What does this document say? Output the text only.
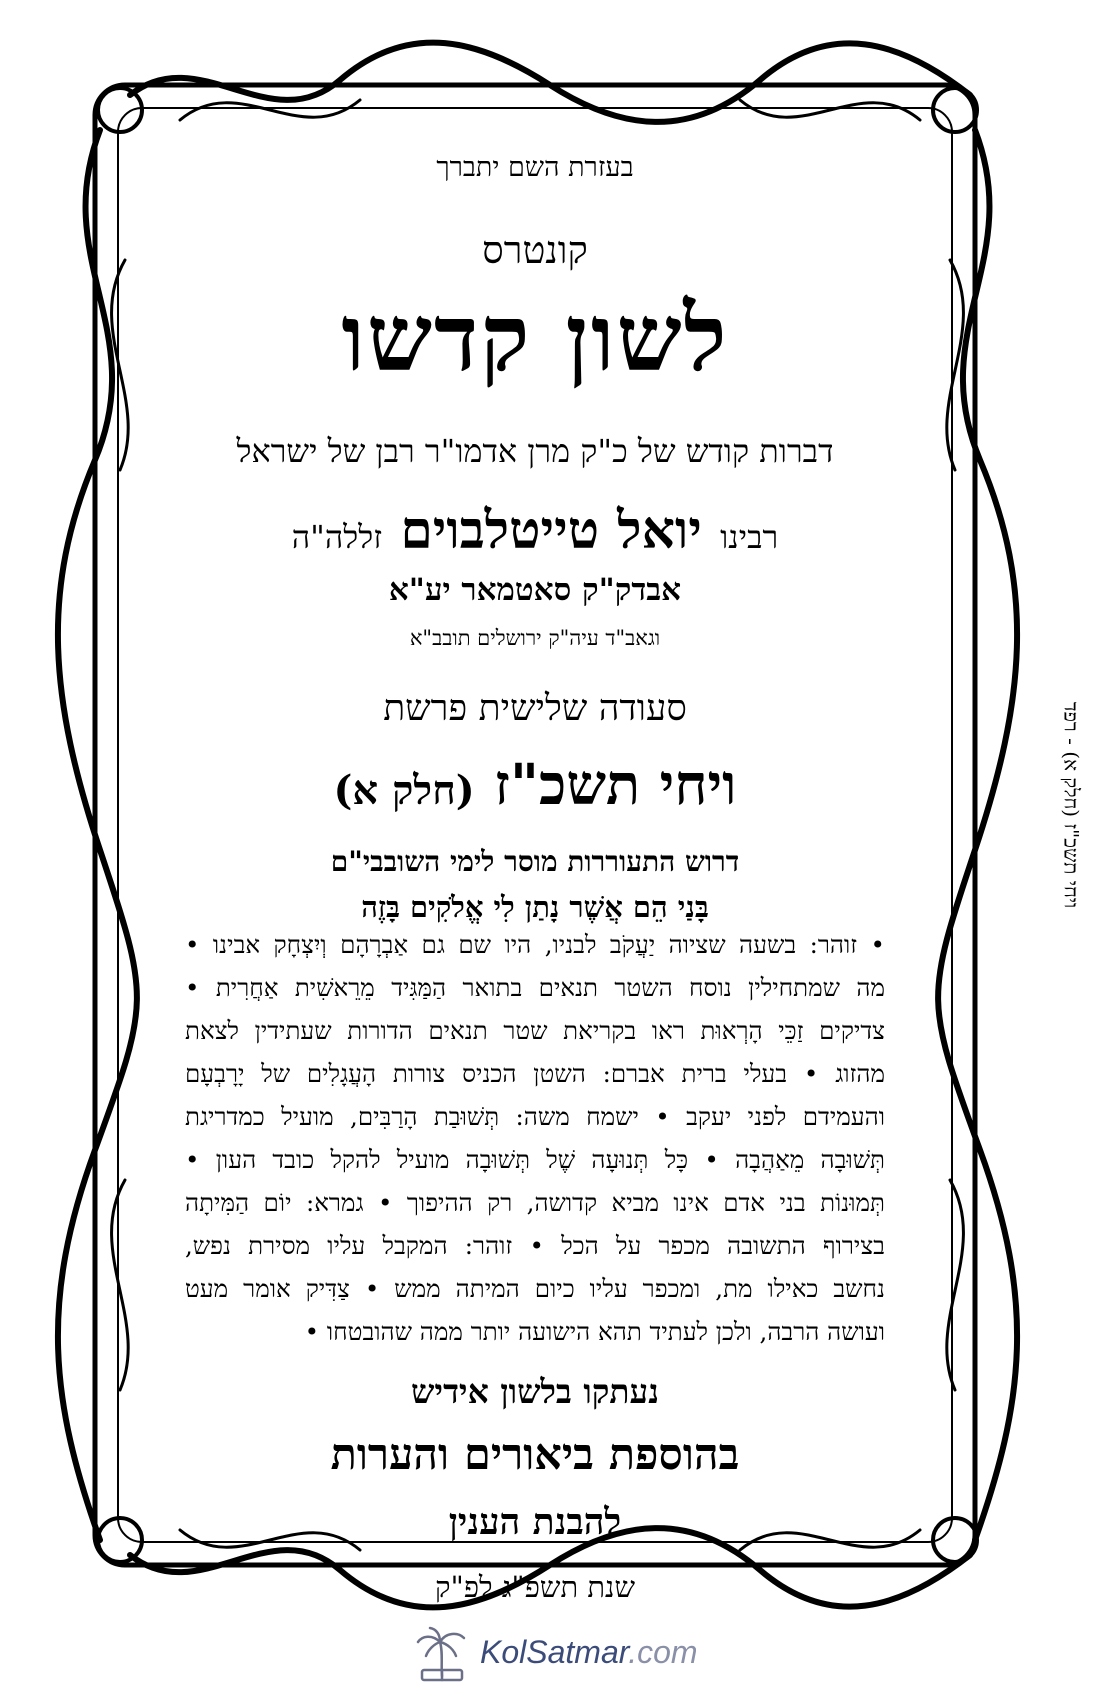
בעזרת השם יתברך
קונטרס
לשון קדשו
דברות קודש של כ"ק מרן אדמו"ר רבן של ישראל
רבינו יואל טייטלבוים זללה"ה
אבדק"ק סאטמאר יע"א
וגאב"ד עיה"ק ירושלים תובב"א
סעודה שלישית פרשת
ויחי תשכ"ז (חלק א)
דרוש התעוררות מוסר לימי השובבי"ם
בָּנַי הֵם אֲשֶׁר נָתַן לִי אֱלֹקִים בָּזֶה
• זוהר: בשעה שציוה יַעֲקֹב לבניו, היו שם גם אַבְרָהָם וְיִצְחָק אבינו •
מה שמתחילין נוסח השטר תנאים בתואר הַמַּגִּיד מֵרֵאשִׁית אַחֲרִית •
צדיקים זַכֵּי הָרְאוּת ראו בקריאת שטר תנאים הדורות שעתידין לצאת
מהזוג • בעלי ברית אברם: השטן הכניס צורות הָעֲגָלִים של יָרָבְעָם
והעמידם לפני יעקב • ישמח משה: תְּשׁוּבַת הָרַבִּים, מועיל כמדריגת
תְּשׁוּבָה מֵאַהֲבָה • כָּל תְּנוּעָה שֶׁל תְּשׁוּבָה מועיל להקל כובד העון •
תְּמוּנוֹת בני אדם אינו מביא קדושה, רק ההיפוך • גמרא: יוֹם הַמִּיתָה
בצירוף התשובה מכפר על הכל • זוהר: המקבל עליו מסירת נפש,
נחשב כאילו מת, ומכפר עליו כיום המיתה ממש • צַדִּיק אומר מעט
ועושה הרבה, ולכן לעתיד תהא הישועה יותר ממה שהובטחו •
נעתקו בלשון אידיש
בהוספת ביאורים והערות
להבנת הענין
שנת תשפ"ג לפ"ק
ויחי תשכ"ז (חלק א) - רפד
KolSatmar.com
